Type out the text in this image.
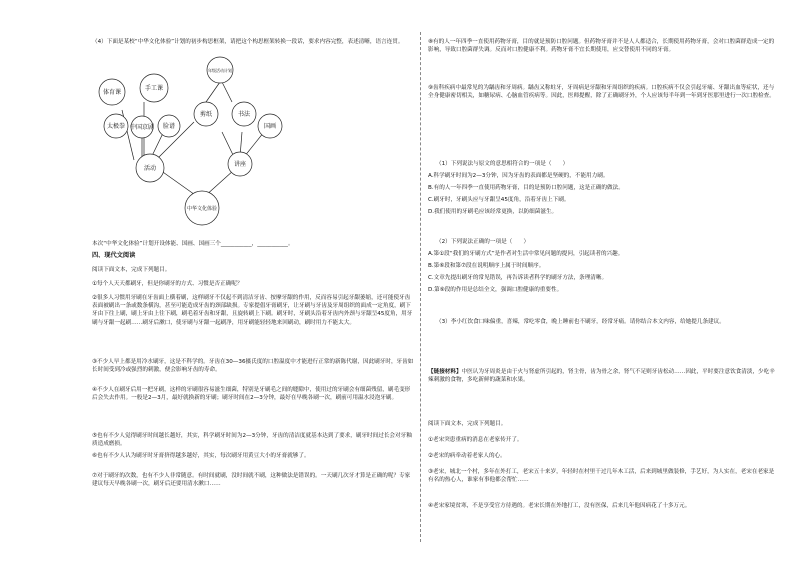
（4）下面是某校“中华文化体验”计划的初步构思框架，请把这个构思框架转换一段话，要求内容完整，表述清晰，语言连贯。

体育课
太极拳 中国京剧
手工课
脸谱
活动
年级活动计划
剪纸	书法
国画
讲座
中华文化体验

本次“中华文化体验”计划开设体能、国画、国画三个___________，___________。

四、现代文阅读

阅读下面文本，完成下列题目。

①每个人天天都刷牙，但是你刷牙的方式、习惯是否正确呢？

②很多人习惯用牙刷在牙齿面上横着刷，这样刷牙不仅起不到清洁牙齿、按摩牙龈的作用，反而容易引起牙龈萎缩，还可能使牙齿表面被刷出一条或数条横沟，甚至可能造成牙齿的颈部缺损。专家提倡牙膏刷牙，让牙刷与牙齿及牙周组织的面成一定角度，刷下牙由下往上刷，刷上牙由上往下刷，刷毛着牙齿和牙龈，且旋转刷上下刷。刷牙时，牙刷头沿着牙齿内外颈与牙龈呈45度角，用牙刷与牙龈一起刷……刷牙后漱口，使牙刷与牙龈一起刷净，用牙刷能轻轻地来回刷动，刷时用力不能太大。

③不少人早上都是用冷水刷牙，这是不科学的。牙齿在30—36摄氏度的口腔温度中才能进行正常的新陈代谢，因此刷牙时，牙齿如长时间受到冷或强烈的刺激，便会影响牙齿的寿命。

④不少人在刷牙后用一把牙刷，这样的牙刷很容易滋生细菌，特别是牙刷毛之间的缝隙中，使用过的牙刷会有细菌残留，刷毛变形后会失去作用。一般是2—3月，最好就换新的牙刷；刷牙时间在2—3分钟，最好在早晚各刷一次，刷前可用温水浸泡牙刷。

⑤也有不少人觉得刷牙时间越长越好，其实，科学刷牙时间为2—3分钟，牙齿的清洁度就基本达到了要求，刷牙时间过长会对牙釉质造成磨损。

⑥也有不少人认为刷牙时牙膏挤得越多越好，其实，每次刷牙用黄豆大小的牙膏就够了。

⑦对于刷牙的次数，也有不少人非常随意。有时间就刷，没时间就不刷，这种做法是错误的。一天刷几次牙才算是正确的呢？专家建议每天早晚各刷一次，刷牙后还要用清水漱口……

⑧有的人一年四季一直使用药物牙膏，目的就是预防口腔问题。但药物牙膏并不是人人都适合，长期使用药物牙膏，会对口腔菌群造成一定的影响，导致口腔菌群失调。反而对口腔健康不利。药物牙膏不宜长期使用，应交替使用不同的牙膏。

⑨齿科疾病中最常见的为龋齿和牙周病。龋齿又称蛀牙，牙周病是牙龈和牙周组织的疾病。口腔疾病不仅会引起牙痛、牙龈出血等症状，还与全身健康密切相关，如糖尿病、心脑血管疾病等。因此，医师提醒，除了正确刷牙外，个人应该每半年到一年到牙医那里进行一次口腔检查。

（1）下列说法与原文的意思相符合的一项是（　　）

A.科学刷牙时间为2—3分钟，因为牙齿的表面都是坚硬的，不能用力刷。

B.有的人一年四季一直使用药物牙膏，目的是预防口腔问题，这是正确的做法。

C.刷牙时，牙刷头应与牙龈呈45度角，沿着牙齿上下刷。

D.我们使用的牙刷毛应该经常更换，以防细菌滋生。

（2）下列说法正确的一项是（　　）

A.第①段“我们的牙刷方式”是作者对生活中常见问题的提问，引起读者的兴趣。

B.第⑥段和第⑦段在说明顺序上属于时间顺序。

C.文章先提出刷牙的常见错误，再告诉读者科学的刷牙方法，条理清晰。

D.第⑨段的作用是总结全文，强调口腔健康的重要性。

（3）李小红饮食口味偏重，喜辣，常吃零食，晚上睡前也不刷牙，经常牙痛。请你结合本文内容，给她提几条建议。

【链接材料】中医认为牙周炎是由于火与肾虚所引起的，肾主骨，齿为骨之余，肾气不足则牙齿松动……因此，平时要注意饮食清淡，少吃辛辣刺激的食物，多吃新鲜的蔬菜和水果。

阅读下面文本，完成下列题目。

①老宋突患重病的消息在老家传开了。

②老宋的病牵动着老家人的心。

③老宋，城北一个村，多年在外打工，老宋五十来岁，年轻时在村里干过几年木工活，后来到城里做装修，手艺好，为人实在，老宋在老家是有名的热心人，谁家有事他都会帮忙……

④老宋家境贫寒，不是享受官方待遇的。老宋长期在外地打工，没有医保，后来几年他因病花了十多万元。
